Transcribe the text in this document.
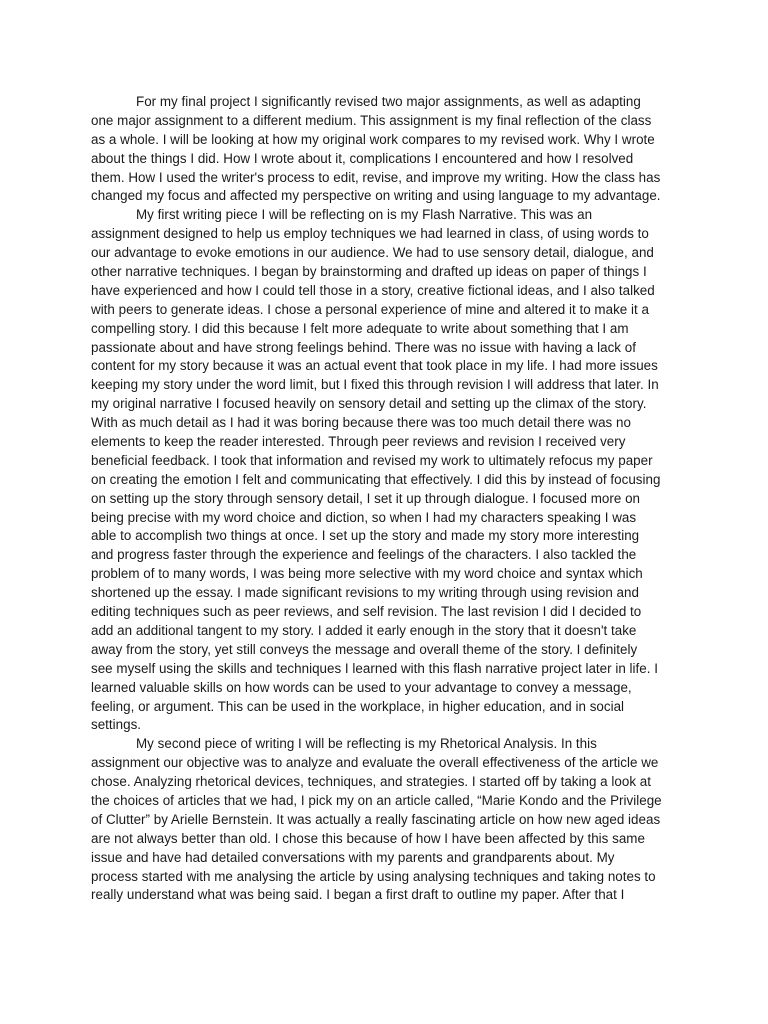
For my final project I significantly revised two major assignments, as well as adapting
one major assignment to a different medium. This assignment is my final reflection of the class
as a whole. I will be looking at how my original work compares to my revised work. Why I wrote
about the things I did. How I wrote about it, complications I encountered and how I resolved
them. How I used the writer's process to edit, revise, and improve my writing. How the class has
changed my focus and affected my perspective on writing and using language to my advantage.
My first writing piece I will be reflecting on is my Flash Narrative. This was an
assignment designed to help us employ techniques we had learned in class, of using words to
our advantage to evoke emotions in our audience. We had to use sensory detail, dialogue, and
other narrative techniques. I began by brainstorming and drafted up ideas on paper of things I
have experienced and how I could tell those in a story, creative fictional ideas, and I also talked
with peers to generate ideas. I chose a personal experience of mine and altered it to make it a
compelling story. I did this because I felt more adequate to write about something that I am
passionate about and have strong feelings behind. There was no issue with having a lack of
content for my story because it was an actual event that took place in my life. I had more issues
keeping my story under the word limit, but I fixed this through revision I will address that later. In
my original narrative I focused heavily on sensory detail and setting up the climax of the story.
With as much detail as I had it was boring because there was too much detail there was no
elements to keep the reader interested. Through peer reviews and revision I received very
beneficial feedback. I took that information and revised my work to ultimately refocus my paper
on creating the emotion I felt and communicating that effectively. I did this by instead of focusing
on setting up the story through sensory detail, I set it up through dialogue. I focused more on
being precise with my word choice and diction, so when I had my characters speaking I was
able to accomplish two things at once. I set up the story and made my story more interesting
and progress faster through the experience and feelings of the characters. I also tackled the
problem of to many words, I was being more selective with my word choice and syntax which
shortened up the essay. I made significant revisions to my writing through using revision and
editing techniques such as peer reviews, and self revision. The last revision I did I decided to
add an additional tangent to my story. I added it early enough in the story that it doesn't take
away from the story, yet still conveys the message and overall theme of the story. I definitely
see myself using the skills and techniques I learned with this flash narrative project later in life. I
learned valuable skills on how words can be used to your advantage to convey a message,
feeling, or argument. This can be used in the workplace, in higher education, and in social
settings.
My second piece of writing I will be reflecting is my Rhetorical Analysis. In this
assignment our objective was to analyze and evaluate the overall effectiveness of the article we
chose. Analyzing rhetorical devices, techniques, and strategies. I started off by taking a look at
the choices of articles that we had, I pick my on an article called, “Marie Kondo and the Privilege
of Clutter” by Arielle Bernstein. It was actually a really fascinating article on how new aged ideas
are not always better than old. I chose this because of how I have been affected by this same
issue and have had detailed conversations with my parents and grandparents about. My
process started with me analysing the article by using analysing techniques and taking notes to
really understand what was being said. I began a first draft to outline my paper. After that I
